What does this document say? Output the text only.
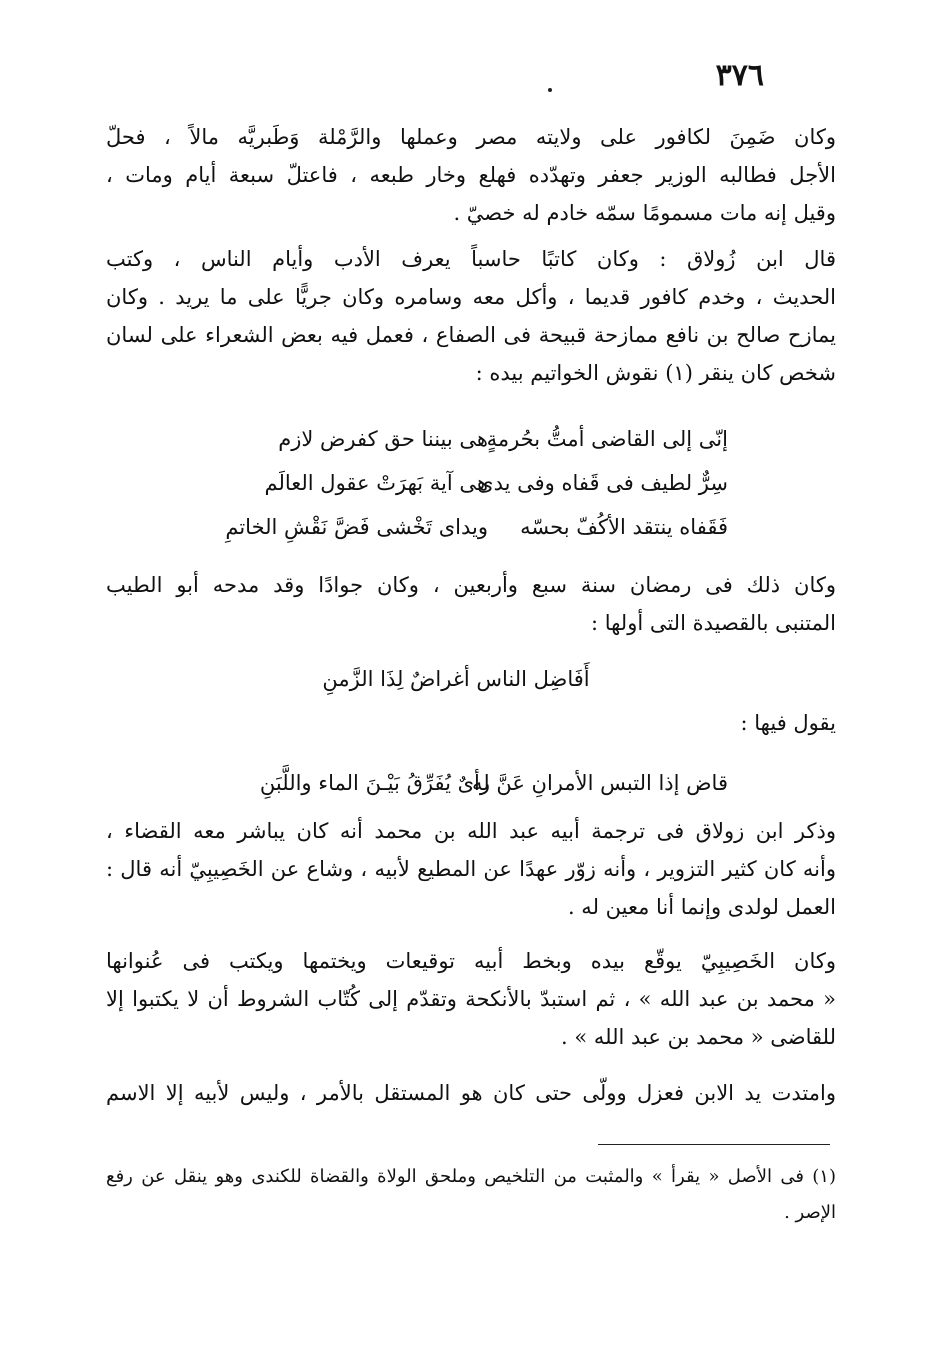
٣٧٦
وكان ضَمِنَ لكافور على ولايته مصر وعملها والرَّمْلة وَطَبريَّه مالاً ، فحلّ
الأجل فطالبه الوزير جعفر وتهدّده فهلع وخار طبعه ، فاعتلّ سبعة أيام ومات ،
وقيل إنه مات مسمومًا سمّه خادم له خصيّ .
قال ابن زُولاق : وكان كاتبًا حاسباً يعرف الأدب وأيام الناس ، وكتب
الحديث ، وخدم كافور قديما ، وأكل معه وسامره وكان جريًّا على ما يريد . وكان
يمازح صالح بن نافع ممازحة قبيحة فى الصفاع ، فعمل فيه بعض الشعراء على لسان
شخص كان ينقر (١) نقوش الخواتيم بيده :
إنّى إلى القاضى أمتُّ بحُرمةٍ
هى بيننا حق كفرض لازم
سِرٌّ لطيف فى قَفاه وفى يدى
هى آية بَهرَتْ عقول العالَم
فَقَفاه ينتقد الأكُفّ بحسّه
ويداى تَخْشى فَضَّ نَقْشِ الخاتمِ
وكان ذلك فى رمضان سنة سبع وأربعين ، وكان جوادًا وقد مدحه أبو الطيب
المتنبى بالقصيدة التى أولها :
أَفَاضِل الناس أغراضٌ لِذَا الزَّمنِ
يقول فيها :
قاض إذا التبس الأمرانِ عَنَّ له
رأىٌ يُفَرِّقُ بَيْـنَ الماء واللَّبَنِ
وذكر ابن زولاق فى ترجمة أبيه عبد الله بن محمد أنه كان يباشر معه القضاء ،
وأنه كان كثير التزوير ، وأنه زوّر عهدًا عن المطيع لأبيه ، وشاع عن الخَصِيبِيّ أنه قال :
العمل لولدى وإنما أنا معين له .
وكان الخَصِيبِيّ يوقّع بيده وبخط أبيه توقيعات ويختمها ويكتب فى عُنوانها
« محمد بن عبد الله » ، ثم استبدّ بالأنكحة وتقدّم إلى كُتّاب الشروط أن لا يكتبوا إلا
للقاضى « محمد بن عبد الله » .
وامتدت يد الابن فعزل وولّى حتى كان هو المستقل بالأمر ، وليس لأبيه إلا الاسم
(١) فى الأصل « يقرأ » والمثبت من التلخيص وملحق الولاة والقضاة للكندى وهو ينقل عن رفع
الإصر .
